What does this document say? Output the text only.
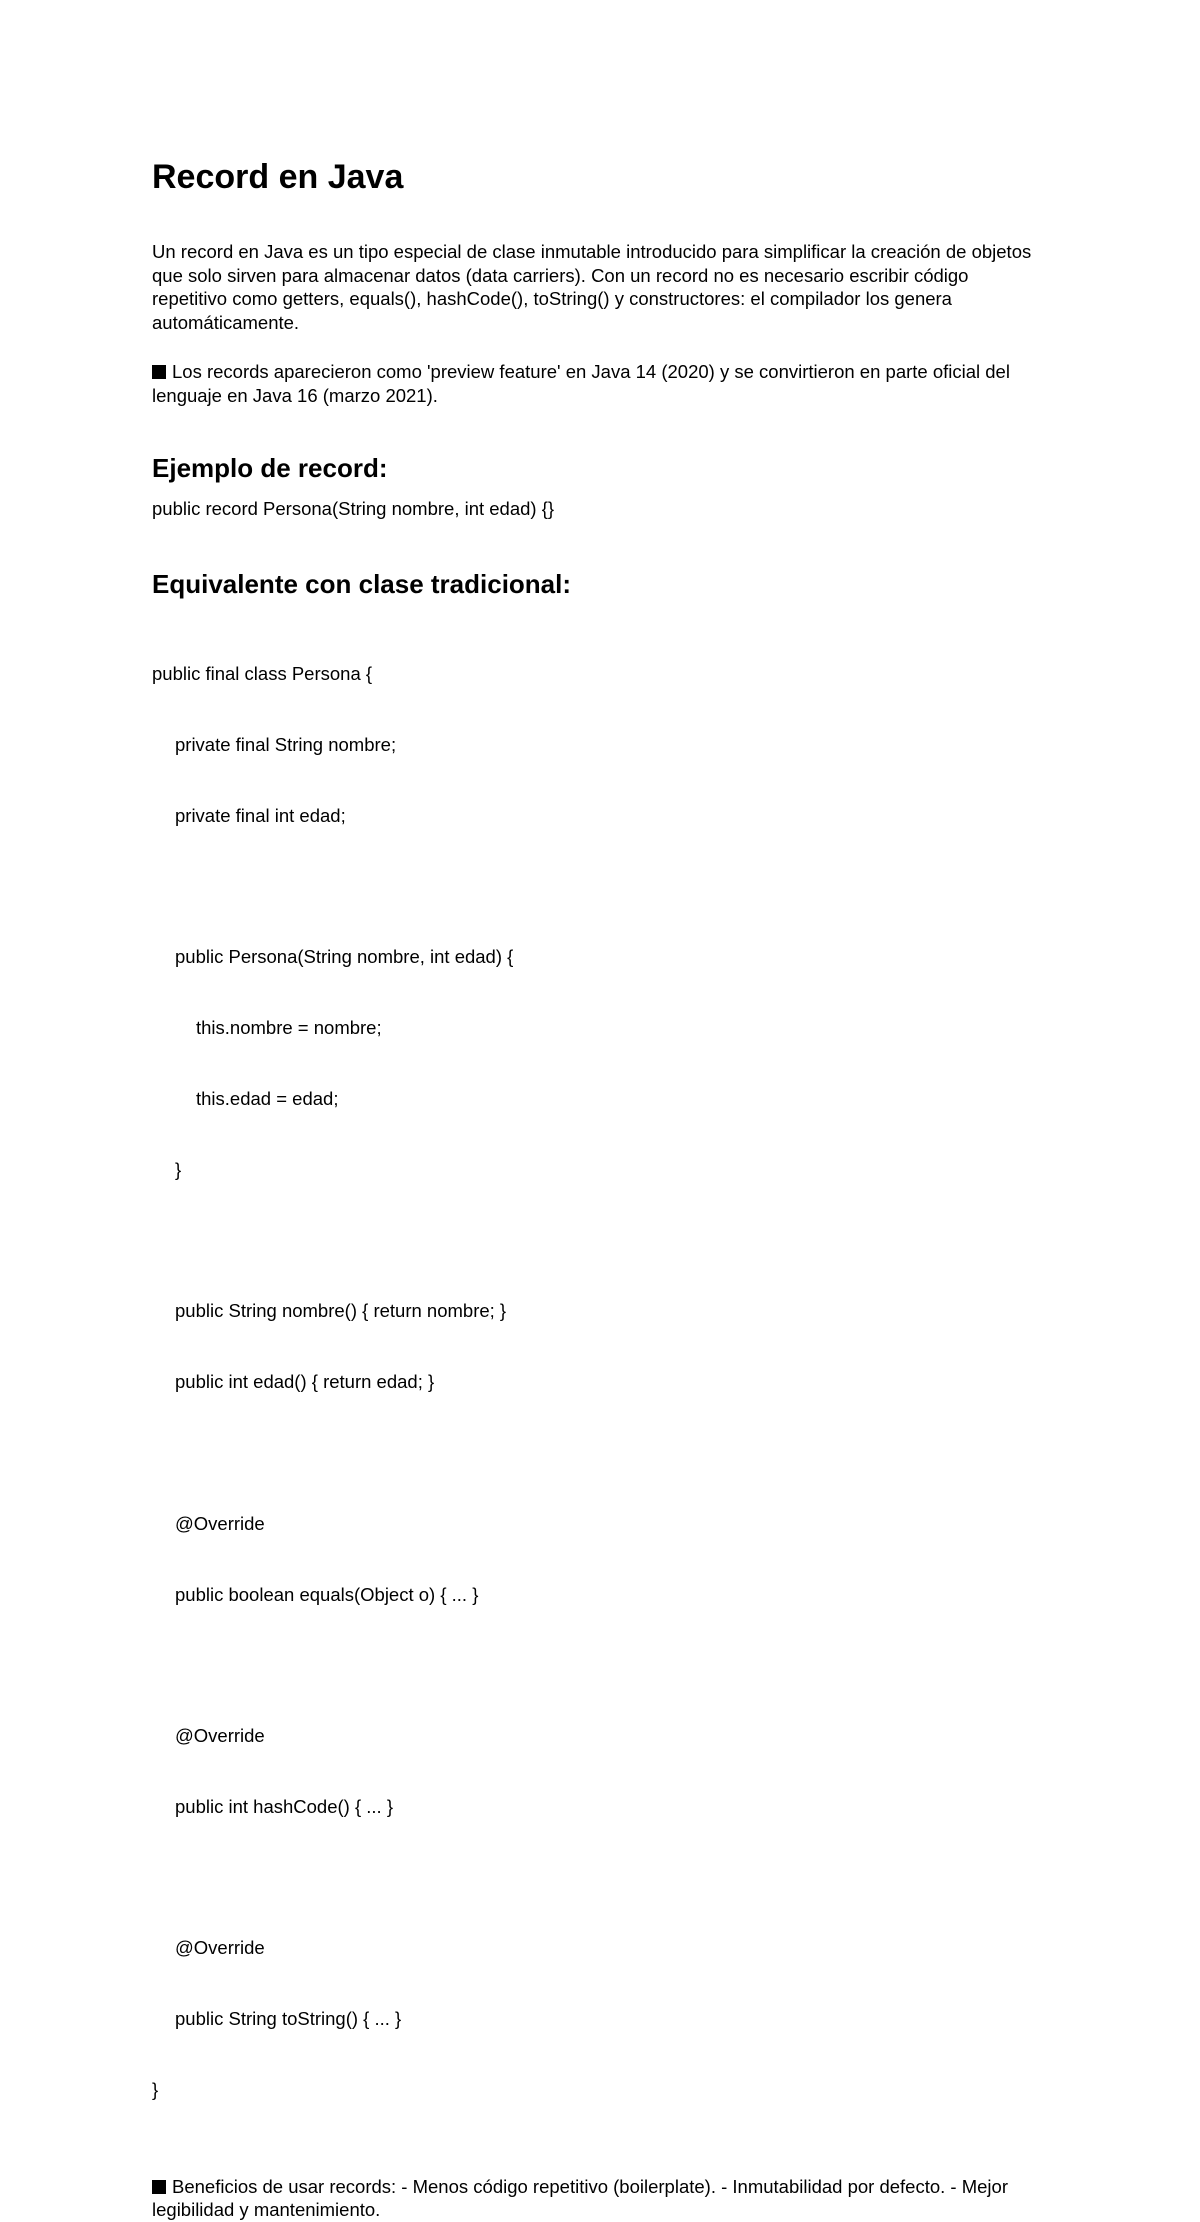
Record en Java

Un record en Java es un tipo especial de clase inmutable introducido para simplificar la creación de objetos que solo sirven para almacenar datos (data carriers). Con un record no es necesario escribir código repetitivo como getters, equals(), hashCode(), toString() y constructores: el compilador los genera automáticamente.

Los records aparecieron como 'preview feature' en Java 14 (2020) y se convirtieron en parte oficial del lenguaje en Java 16 (marzo 2021).

Ejemplo de record:
public record Persona(String nombre, int edad) {}
Equivalente con clase tradicional:

public final class Persona {

private final String nombre;

private final int edad;

public Persona(String nombre, int edad) {

this.nombre = nombre;

this.edad = edad;

}

public String nombre() { return nombre; }

public int edad() { return edad; }

@Override

public boolean equals(Object o) { ... }

@Override

public int hashCode() { ... }

@Override

public String toString() { ... }

}

Beneficios de usar records: - Menos código repetitivo (boilerplate). - Inmutabilidad por defecto. - Mejor legibilidad y mantenimiento.
